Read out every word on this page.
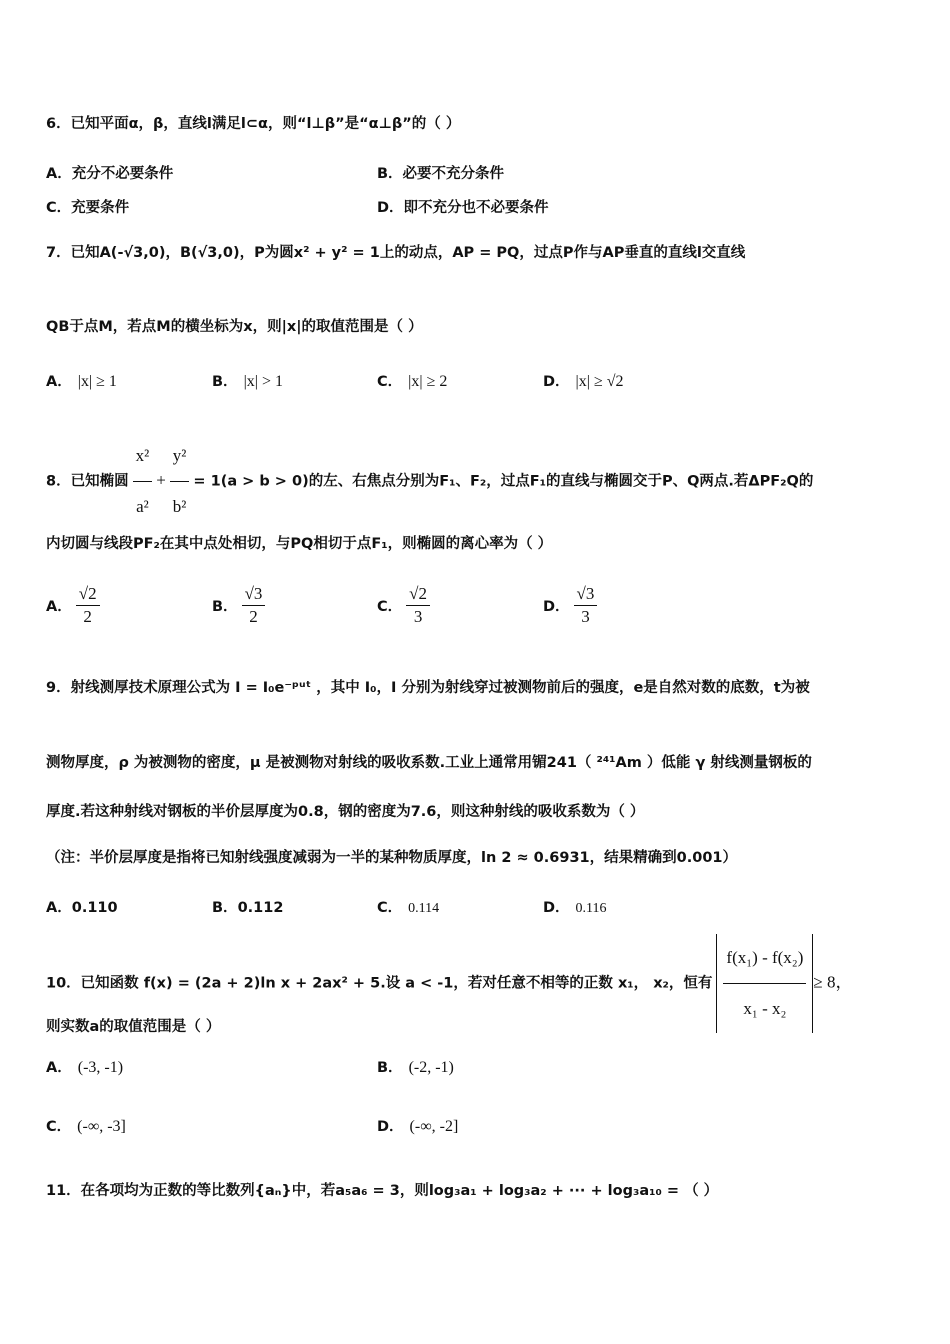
6．已知平面α，β，直线l满足l⊂α，则“l⊥β”是“α⊥β”的（ ）
A．充分不必要条件	B．必要不充分条件
C．充要条件	D．即不充分也不必要条件
7．已知A(-√3,0)，B(√3,0)，P为圆x² + y² = 1上的动点，AP = PQ，过点P作与AP垂直的直线l交直线
QB于点M，若点M的横坐标为x，则|x|的取值范围是（ ）
A． |x| ≥ 1	B． |x| > 1	C． |x| ≥ 2	D． |x| ≥ √2
8．已知椭圆 $\frac{\text{x²}}{\text{a²}} + \frac{\text{y²}}{\text{b²}} = 1(a > b > 0)$的左、右焦点分别为F₁、F₂，过点F₁的直线与椭圆交于P、Q两点.若ΔPF₂Q的
内切圆与线段PF₂在其中点处相切，与PQ相切于点F₁，则椭圆的离心率为（ ）
A． $\frac{√2}{2}$	B． $\frac{√3}{2}$	C． $\frac{√2}{3}$	D． $\frac{√3}{3}$
9．射线测厚技术原理公式为 I = I₀e⁻ᵖᵘᵗ ，其中 I₀，I 分别为射线穿过被测物前后的强度，e是自然对数的底数，t为被
测物厚度，ρ 为被测物的密度，μ 是被测物对射线的吸收系数.工业上通常用镅241（ ²⁴¹Am ）低能 γ 射线测量钢板的
厚度.若这种射线对钢板的半价层厚度为0.8，钢的密度为7.6，则这种射线的吸收系数为（ ）
（注：半价层厚度是指将已知射线强度减弱为一半的某种物质厚度，ln 2 ≈ 0.6931，结果精确到0.001）
A．0.110	B．0.112	C． 0.114	D． 0.116
10．已知函数 f(x) = (2a + 2)ln x + 2ax² + 5.设 a < -1，若对任意不相等的正数 x₁， x₂，恒有 $\frac{\text{f(x₁) - f(x₂)}}{\text{x₁ - x₂}} \ge 8$，
则实数a的取值范围是（ ）
A． (-3, -1)	B． (-2, -1)
C． (-∞, -3]	D． (-∞, -2]
11．在各项均为正数的等比数列{aₙ}中，若a₅a₆ = 3，则log₃a₁ + log₃a₂ + ··· + log₃a₁₀ = （ ）
